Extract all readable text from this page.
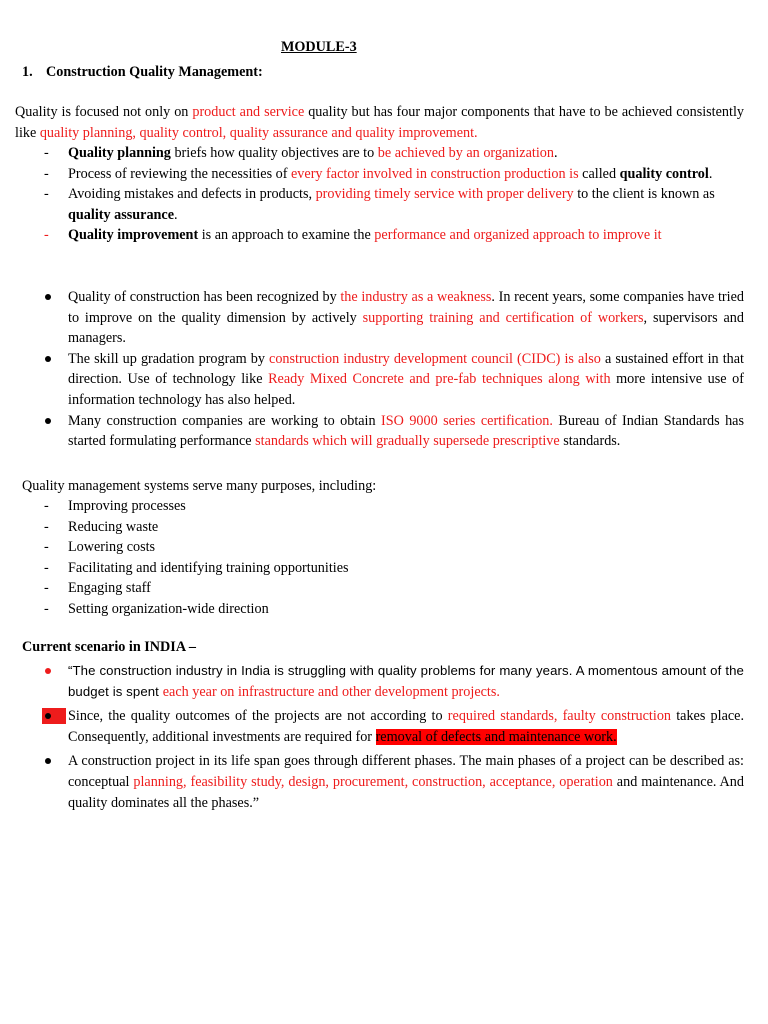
MODULE-3
1. Construction Quality Management:
Quality is focused not only on product and service quality but has four major components that have to be achieved consistently like quality planning, quality control, quality assurance and quality improvement.
- Quality planning briefs how quality objectives are to be achieved by an organization.
- Process of reviewing the necessities of every factor involved in construction production is called quality control.
- Avoiding mistakes and defects in products, providing timely service with proper delivery to the client is known as quality assurance.
- Quality improvement is an approach to examine the performance and organized approach to improve it
Quality of construction has been recognized by the industry as a weakness. In recent years, some companies have tried to improve on the quality dimension by actively supporting training and certification of workers, supervisors and managers.
The skill up gradation program by construction industry development council (CIDC) is also a sustained effort in that direction. Use of technology like Ready Mixed Concrete and pre-fab techniques along with more intensive use of information technology has also helped.
Many construction companies are working to obtain ISO 9000 series certification. Bureau of Indian Standards has started formulating performance standards which will gradually supersede prescriptive standards.
Quality management systems serve many purposes, including:
- Improving processes
- Reducing waste
- Lowering costs
- Facilitating and identifying training opportunities
- Engaging staff
- Setting organization-wide direction
Current scenario in INDIA –
“The construction industry in India is struggling with quality problems for many years. A momentous amount of the budget is spent each year on infrastructure and other development projects.
Since, the quality outcomes of the projects are not according to required standards, faulty construction takes place. Consequently, additional investments are required for removal of defects and maintenance work.
A construction project in its life span goes through different phases. The main phases of a project can be described as: conceptual planning, feasibility study, design, procurement, construction, acceptance, operation and maintenance. And quality dominates all the phases.”
